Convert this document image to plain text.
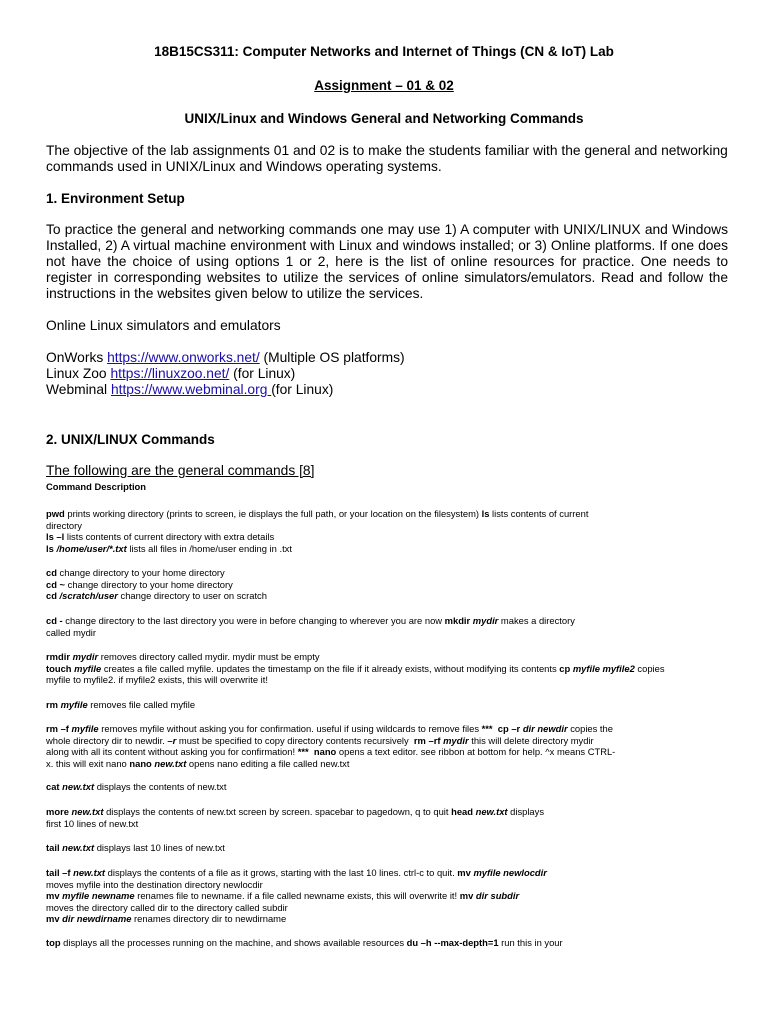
18B15CS311: Computer Networks and Internet of Things (CN & IoT) Lab
Assignment – 01 & 02
UNIX/Linux and Windows General and Networking Commands
The objective of the lab assignments 01 and 02 is to make the students familiar with the general and networking commands used in UNIX/Linux and Windows operating systems.
1. Environment Setup
To practice the general and networking commands one may use 1) A computer with UNIX/LINUX and Windows Installed, 2) A virtual machine environment with Linux and windows installed; or 3) Online platforms. If one does not have the choice of using options 1 or 2, here is the list of online resources for practice. One needs to register in corresponding websites to utilize the services of online simulators/emulators. Read and follow the instructions in the websites given below to utilize the services.
Online Linux simulators and emulators
OnWorks https://www.onworks.net/ (Multiple OS platforms)
Linux Zoo https://linuxzoo.net/ (for Linux)
Webminal https://www.webminal.org (for Linux)
2. UNIX/LINUX Commands
The following are the general commands [8]
Command Description
pwd prints working directory (prints to screen, ie displays the full path, or your location on the filesystem) ls lists contents of current
directory
ls –l lists contents of current directory with extra details
ls /home/user/*.txt lists all files in /home/user ending in .txt
cd change directory to your home directory
cd ~ change directory to your home directory
cd /scratch/user change directory to user on scratch
cd - change directory to the last directory you were in before changing to wherever you are now mkdir mydir makes a directory
called mydir
rmdir mydir removes directory called mydir. mydir must be empty
touch myfile creates a file called myfile. updates the timestamp on the file if it already exists, without modifying its contents cp myfile myfile2 copies
myfile to myfile2. if myfile2 exists, this will overwrite it!
rm myfile removes file called myfile
rm –f myfile removes myfile without asking you for confirmation. useful if using wildcards to remove files *** cp –r dir newdir copies the
whole directory dir to newdir. –r must be specified to copy directory contents recursively  rm –rf mydir this will delete directory mydir
along with all its content without asking you for confirmation! *** nano opens a text editor. see ribbon at bottom for help. ^x means CTRL-
x. this will exit nano nano new.txt opens nano editing a file called new.txt
cat new.txt displays the contents of new.txt
more new.txt displays the contents of new.txt screen by screen. spacebar to pagedown, q to quit head new.txt displays
first 10 lines of new.txt
tail new.txt displays last 10 lines of new.txt
tail –f new.txt displays the contents of a file as it grows, starting with the last 10 lines. ctrl-c to quit. mv myfile newlocdir
moves myfile into the destination directory newlocdir
mv myfile newname renames file to newname. if a file called newname exists, this will overwrite it! mv dir subdir
moves the directory called dir to the directory called subdir
mv dir newdirname renames directory dir to newdirname
top displays all the processes running on the machine, and shows available resources du –h --max-depth=1 run this in your
